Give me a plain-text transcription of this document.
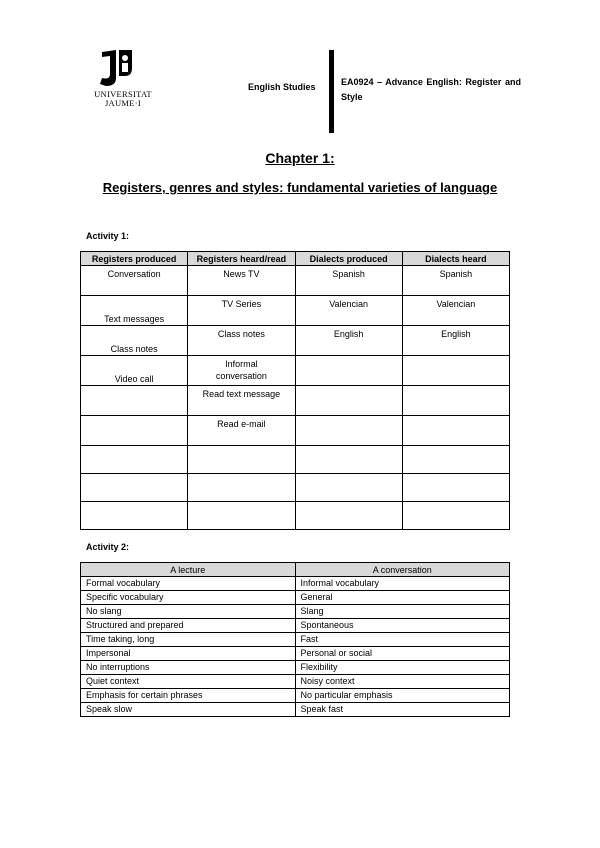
UNIVERSITAT
JAUME·I
English Studies	EA0924 – Advance English: Register and Style
Chapter 1:
Registers, genres and styles: fundamental varieties of language
Activity 1:
Registers produced	Registers heard/read	Dialects produced	Dialects heard
Conversation	News TV	Spanish	Spanish
Text messages	TV Series	Valencian	Valencian
Class notes	Class notes	English	English
Video call	Informal conversation		
	Read text message		
	Read e-mail		

Activity 2:
A lecture	A conversation
Formal vocabulary	Informal vocabulary
Specific vocabulary	General
No slang	Slang
Structured and prepared	Spontaneous
Time taking, long	Fast
Impersonal	Personal or social
No interruptions	Flexibility
Quiet context	Noisy context
Emphasis for certain phrases	No particular emphasis
Speak slow	Speak fast
